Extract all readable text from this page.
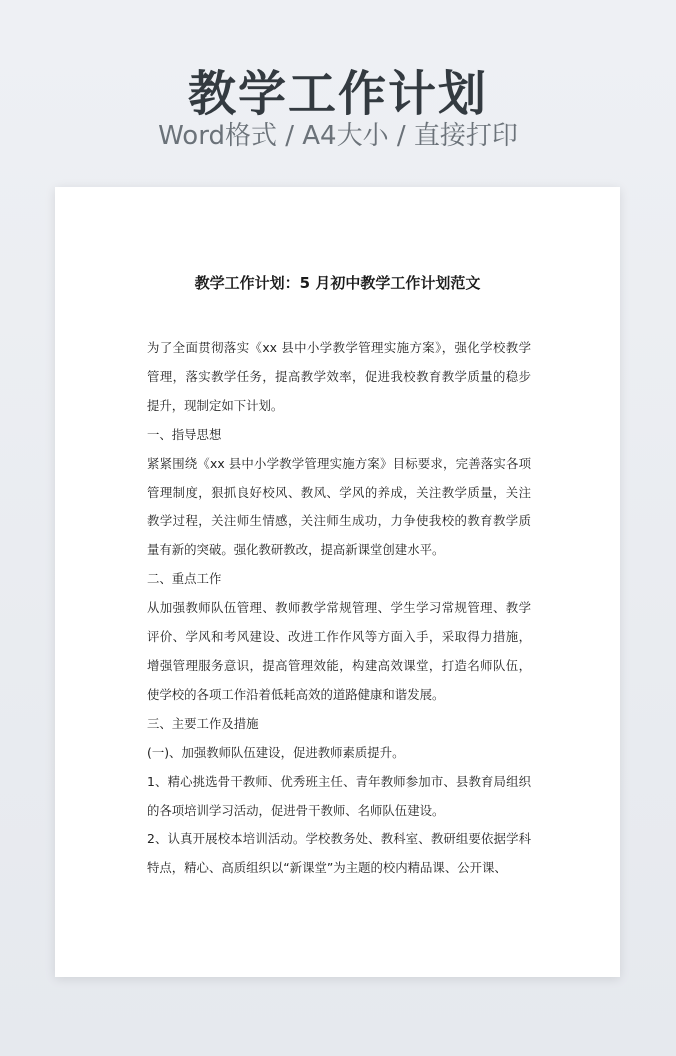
教学工作计划
Word格式 / A4大小 / 直接打印
教学工作计划：5 月初中教学工作计划范文

为了全面贯彻落实《xx 县中小学教学管理实施方案》，强化学校教学管理，落实教学任务，提高教学效率，促进我校教育教学质量的稳步提升，现制定如下计划。

一、指导思想

紧紧围绕《xx 县中小学教学管理实施方案》目标要求，完善落实各项管理制度，狠抓良好校风、教风、学风的养成，关注教学质量，关注教学过程，关注师生情感，关注师生成功，力争使我校的教育教学质量有新的突破。强化教研教改，提高新课堂创建水平。

二、重点工作

从加强教师队伍管理、教师教学常规管理、学生学习常规管理、教学评价、学风和考风建设、改进工作作风等方面入手，采取得力措施，增强管理服务意识，提高管理效能，构建高效课堂，打造名师队伍，使学校的各项工作沿着低耗高效的道路健康和谐发展。

三、主要工作及措施

(一)、加强教师队伍建设，促进教师素质提升。

1、精心挑选骨干教师、优秀班主任、青年教师参加市、县教育局组织的各项培训学习活动，促进骨干教师、名师队伍建设。

2、认真开展校本培训活动。学校教务处、教科室、教研组要依据学科特点，精心、高质组织以“新课堂”为主题的校内精品课、公开课、
